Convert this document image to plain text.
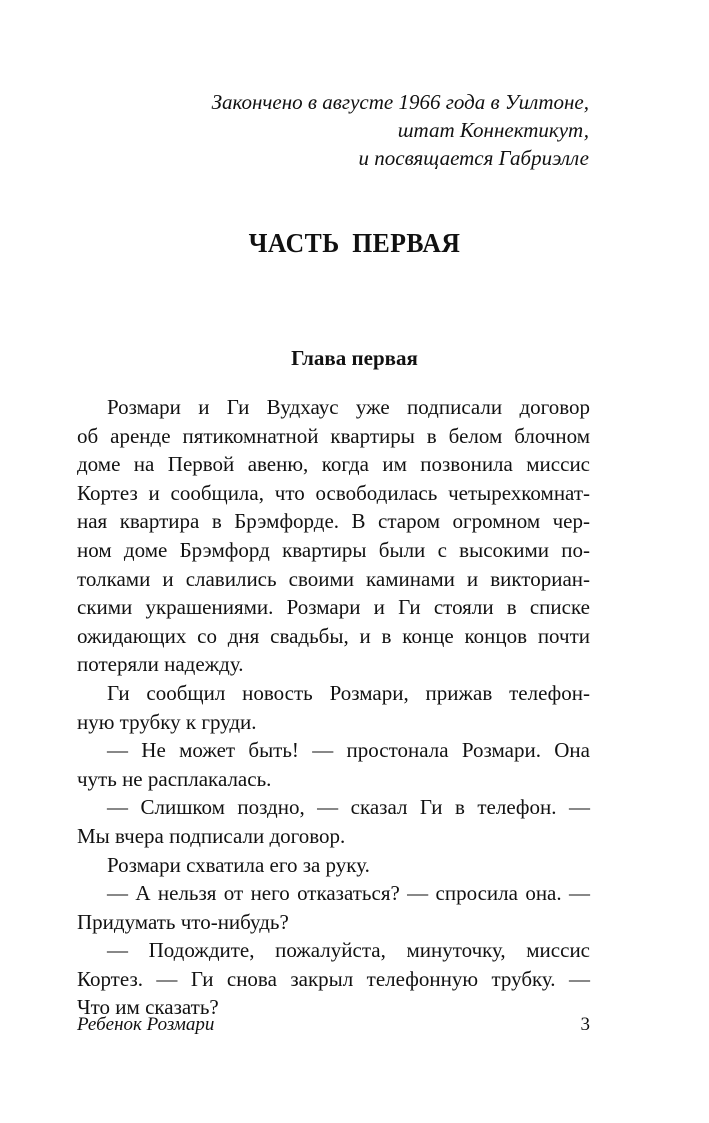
Закончено в августе 1966 года в Уилтоне,
штат Коннектикут,
и посвящается Габриэлле
ЧАСТЬ ПЕРВАЯ
Глава первая
Розмари и Ги Вудхаус уже подписали договор
об аренде пятикомнатной квартиры в белом блочном
доме на Первой авеню, когда им позвонила миссис
Кортез и сообщила, что освободилась четырехкомнат-
ная квартира в Брэмфорде. В старом огромном чер-
ном доме Брэмфорд квартиры были с высокими по-
толками и славились своими каминами и викториан-
скими украшениями. Розмари и Ги стояли в списке
ожидающих со дня свадьбы, и в конце концов почти
потеряли надежду.
Ги сообщил новость Розмари, прижав телефон-
ную трубку к груди.
— Не может быть! — простонала Розмари. Она
чуть не расплакалась.
— Слишком поздно, — сказал Ги в телефон. —
Мы вчера подписали договор.
Розмари схватила его за руку.
— А нельзя от него отказаться? — спросила она. —
Придумать что-нибудь?
— Подождите, пожалуйста, минуточку, миссис
Кортез. — Ги снова закрыл телефонную трубку. —
Что им сказать?
Ребенок Розмари	3
